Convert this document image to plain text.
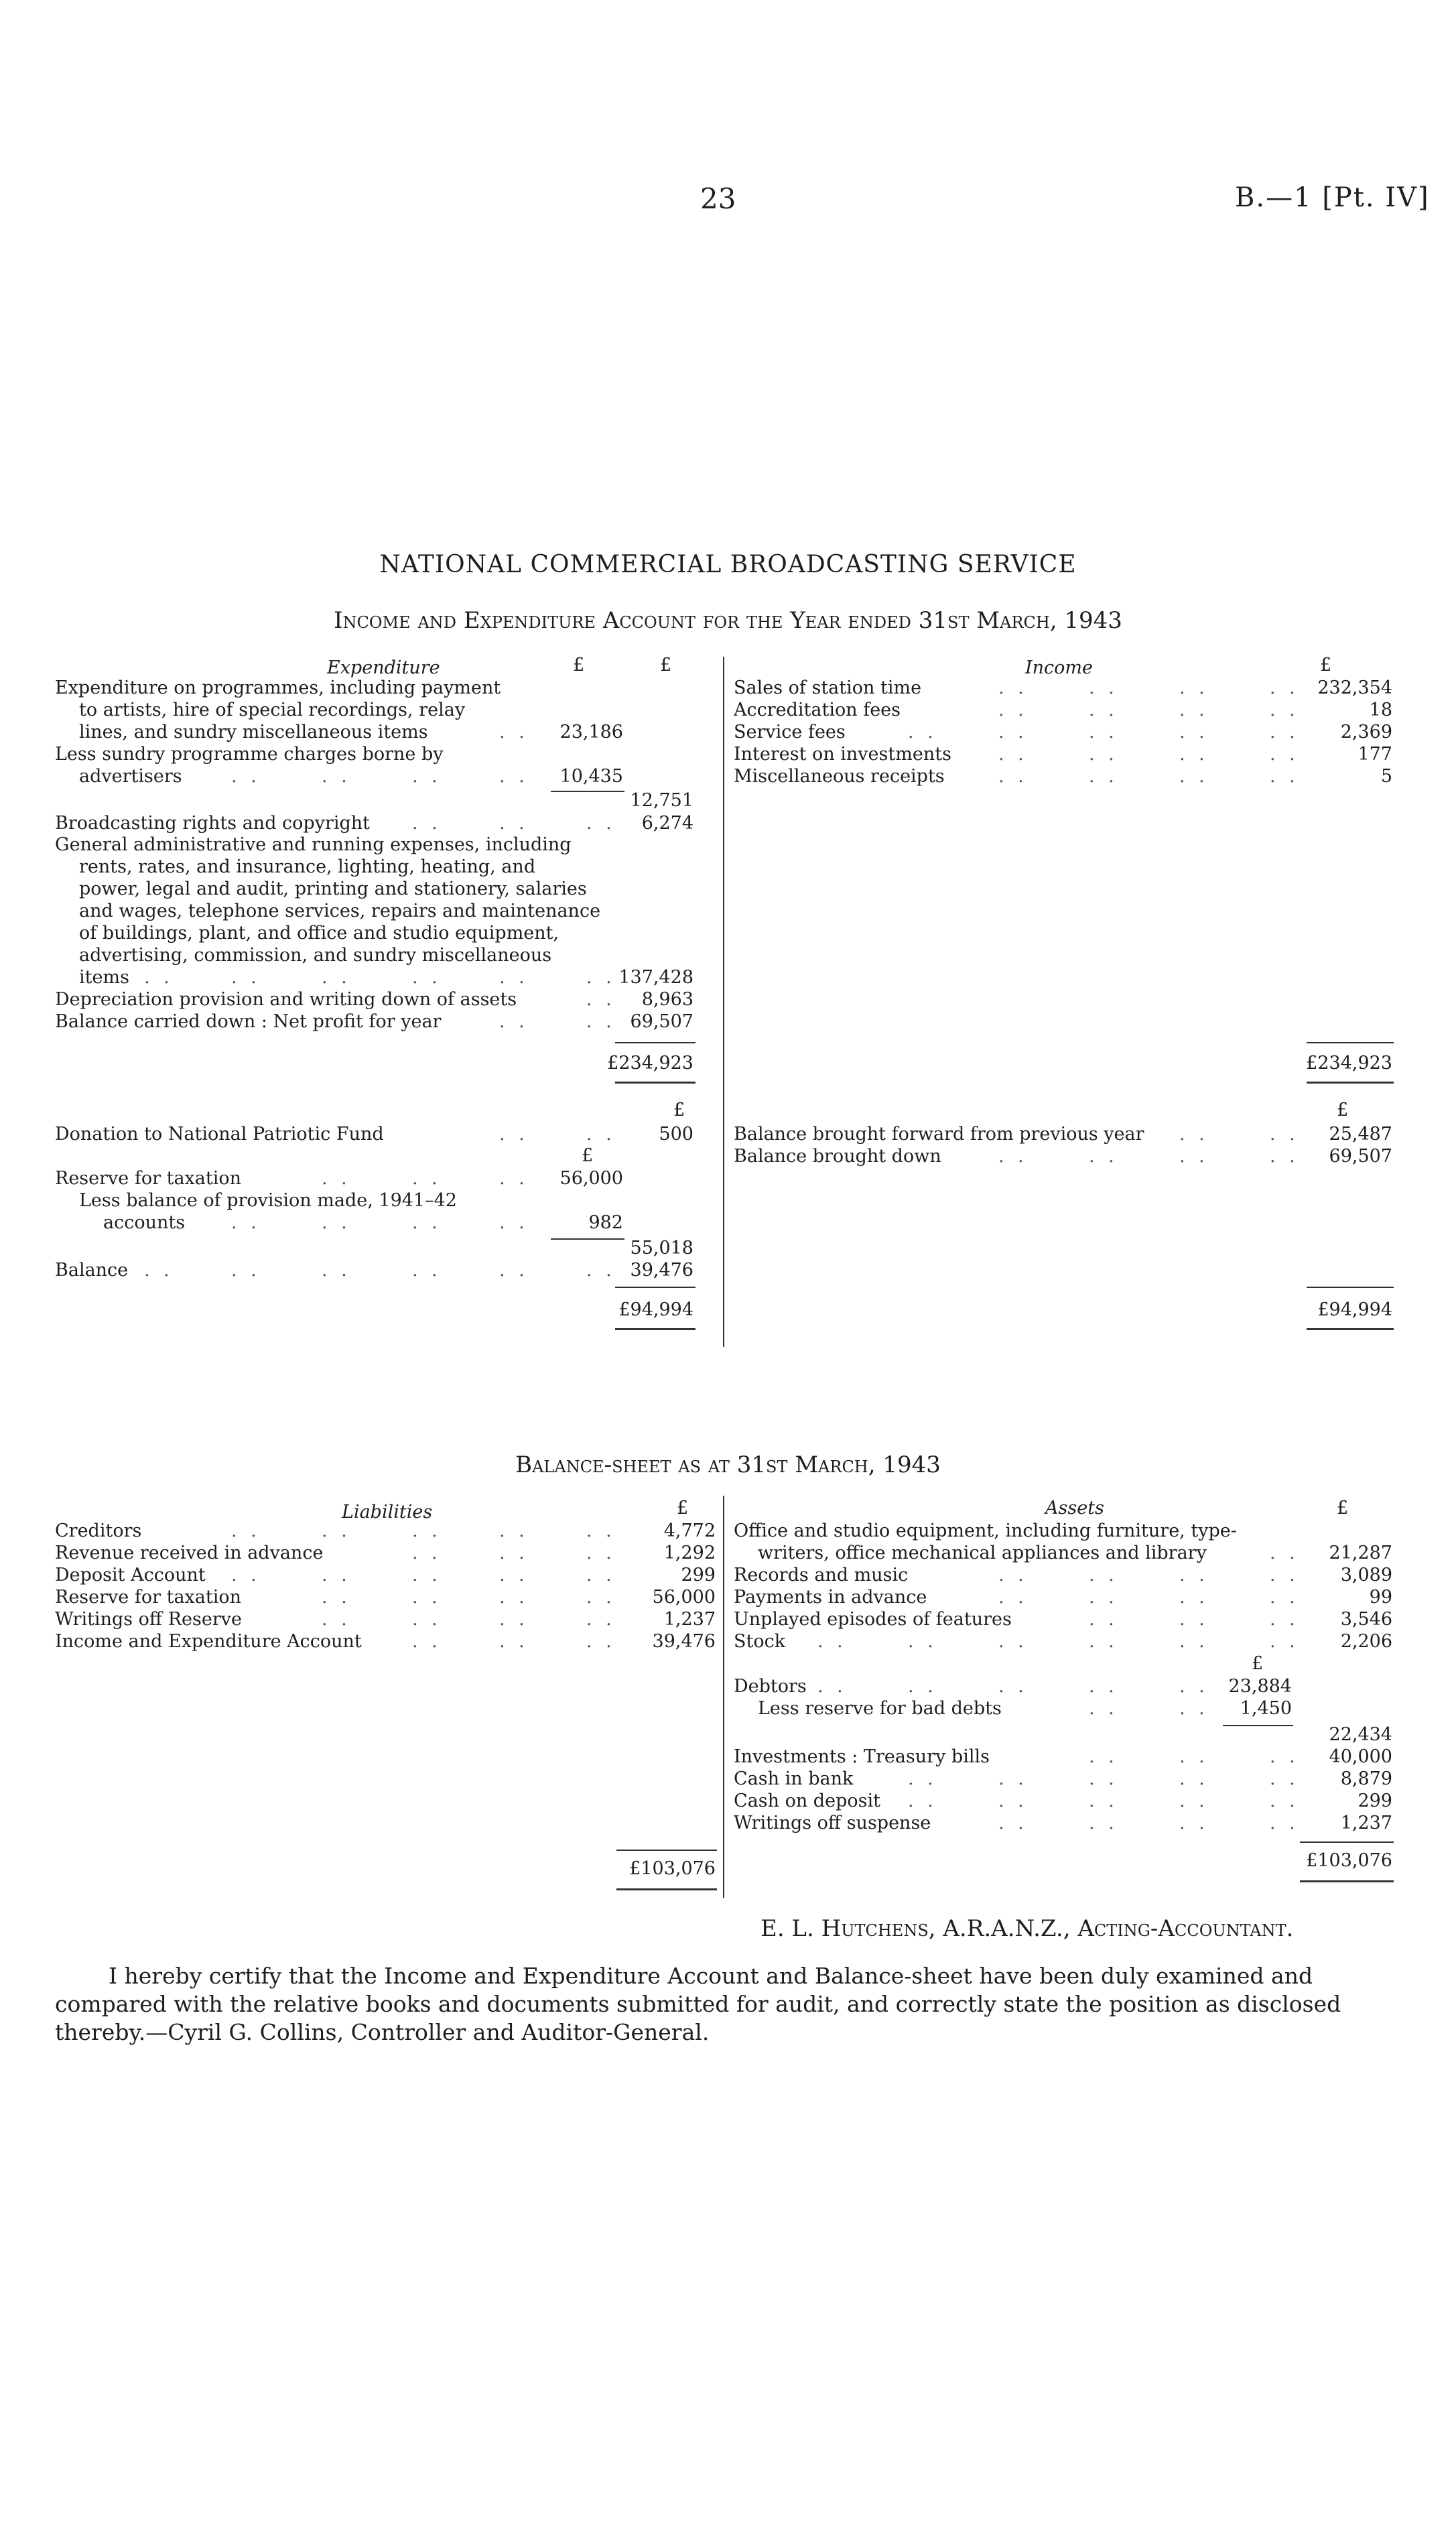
23	B.—1 [Pt. IV]
NATIONAL COMMERCIAL BROADCASTING SERVICE
Income and Expenditure Account for the Year ended 31st March, 1943
Expenditure	£	£
Expenditure on programmes, including payment
to artists, hire of special recordings, relay
lines, and sundry miscellaneous items	. .	23,186
Less sundry programme charges borne by
advertisers	. .	. .	. .	. .	10,435
12,751
Broadcasting rights and copyright . .	. .	. .	6,274
General administrative and running expenses, including
rents, rates, and insurance, lighting, heating, and
power, legal and audit, printing and stationery, salaries
and wages, telephone services, repairs and maintenance
of buildings, plant, and office and studio equipment,
advertising, commission, and sundry miscellaneous
items . .	. .	. .	. .	. .	. . 137,428
Depreciation provision and writing down of assets	. .	8,963
Balance carried down : Net profit for year	. .	. . 69,507
£234,923
Income	£
Sales of station time	. .	. .	. .	. .	232,354
Accreditation fees	. .	. .	. .	. .	18
Service fees	. .	. .	. .	. .	. .	2,369
Interest on investments	. .	. .	. .	. .	177
Miscellaneous receipts	. .	. .	. .	. .	5
£234,923
£	£
Donation to National Patriotic Fund	. .	. .	500
£
Reserve for taxation	. .	. .	. .	56,000
Less balance of provision made, 1941–42
accounts	. .	. .	. .	. .	982
55,018
Balance . .	. .	. .	. .	. .	. . 39,476
£94,994
Balance brought forward from previous year . .	. .	25,487
Balance brought down	. .	. .	. .	. .	69,507
£94,994
Balance-sheet as at 31st March, 1943
Liabilities	£
Creditors	. .	. .	. .	. .	. .	4,772
Revenue received in advance	. .	. .	. .	1,292
Deposit Account . .	. .	. .	. .	. .	299
Reserve for taxation	. .	. .	. .	. .	56,000
Writings off Reserve	. .	. .	. .	. .	1,237
Income and Expenditure Account	. .	. .	. .	39,476
£103,076
Assets	£
Office and studio equipment, including furniture, type-
writers, office mechanical appliances and library	. .	21,287
Records and music	. .	. .	. .	. .	3,089
Payments in advance	. .	. .	. .	. .	99
Unplayed episodes of features	. .	. .	. .	3,546
Stock . .	. .	. .	. .	. .	. .	2,206
£
Debtors . .	. .	. .	. .	. .	23,884
Less reserve for bad debts	. .	. .	1,450
22,434
Investments : Treasury bills	. .	. .	. .	40,000
Cash in bank	. .	. .	. .	. .	. .	8,879
Cash on deposit . .	. .	. .	. .	. .	299
Writings off suspense	. .	. .	. .	. .	1,237
£103,076
E. L. Hutchens, A.R.A.N.Z., Acting-Accountant.
I hereby certify that the Income and Expenditure Account and Balance-sheet have been duly examined and
compared with the relative books and documents submitted for audit, and correctly state the position as disclosed
thereby.—Cyril G. Collins, Controller and Auditor-General.
